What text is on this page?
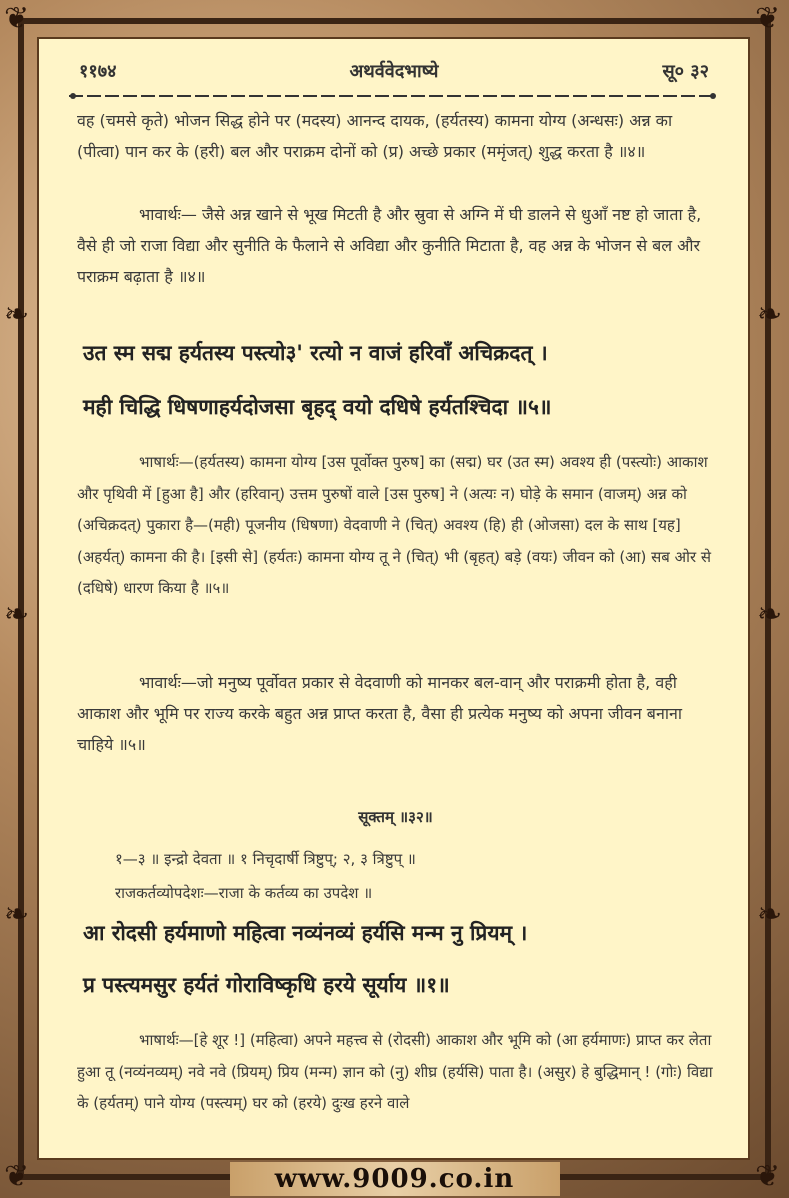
❦	❦
❦	❦
❧
❧
❧
❧
❧
❧
११७४	अथर्ववेदभाष्ये	सू० ३२
वह (चमसे कृते) भोजन सिद्ध होने पर (मदस्य) आनन्द दायक, (हर्यतस्य) कामना योग्य (अन्धसः) अन्न का (पीत्वा) पान कर के (हरी) बल और पराक्रम दोनों को (प्र) अच्छे प्रकार (ममृंजत्) शुद्ध करता है ॥४॥
भावार्थः— जैसे अन्न खाने से भूख मिटती है और स्रुवा से अग्नि में घी डालने से धुआँ नष्ट हो जाता है, वैसे ही जो राजा विद्या और सुनीति के फैलाने से अविद्या और कुनीति मिटाता है, वह अन्न के भोजन से बल और पराक्रम बढ़ाता है ॥४॥
उत स्म सद्म हर्यतस्य पस्त्यो३' रत्यो न वाजं हरिवाँ अचिक्रदत् ।
मही चिद्धि धिषणाहर्यदोजसा बृहद् वयो दधिषे हर्यतश्चिदा ॥५॥
भाषार्थः—(हर्यतस्य) कामना योग्य [उस पूर्वोक्त पुरुष] का (सद्म) घर (उत स्म) अवश्य ही (पस्त्योः) आकाश और पृथिवी में [हुआ है] और (हरिवान्) उत्तम पुरुषों वाले [उस पुरुष] ने (अत्यः न) घोड़े के समान (वाजम्) अन्न को (अचिक्रदत्) पुकारा है—(मही) पूजनीय (धिषणा) वेदवाणी ने (चित्) अवश्य (हि) ही (ओजसा) दल के साथ [यह] (अहर्यत्) कामना की है। [इसी से] (हर्यतः) कामना योग्य तू ने (चित्) भी (बृहत्) बड़े (वयः) जीवन को (आ) सब ओर से (दधिषे) धारण किया है ॥५॥
भावार्थः—जो मनुष्य पूर्वोवत प्रकार से वेदवाणी को मानकर बल-वान् और पराक्रमी होता है, वही आकाश और भूमि पर राज्य करके बहुत अन्न प्राप्त करता है, वैसा ही प्रत्येक मनुष्य को अपना जीवन बनाना चाहिये ॥५॥
सूक्तम् ॥३२॥
१—३ ॥ इन्द्रो देवता ॥ १ निचृदार्षी त्रिष्टुप्; २, ३ त्रिष्टुप् ॥
राजकर्तव्योपदेशः—राजा के कर्तव्य का उपदेश ॥
आ रोदसी हर्यमाणो महित्वा नव्यंनव्यं हर्यसि मन्म नु प्रियम् ।
प्र पस्त्यमसुर हर्यतं गोराविष्कृधि हरये सूर्याय ॥१॥
भाषार्थः—[हे शूर !] (महित्वा) अपने महत्त्व से (रोदसी) आकाश और भूमि को (आ हर्यमाणः) प्राप्त कर लेता हुआ तू (नव्यंनव्यम्) नवे नवे (प्रियम्) प्रिय (मन्म) ज्ञान को (नु) शीघ्र (हर्यसि) पाता है। (असुर) हे बुद्धिमान् ! (गोः) विद्या के (हर्यतम्) पाने योग्य (पस्त्यम्) घर को (हरये) दुःख हरने वाले
www.9009.co.in
